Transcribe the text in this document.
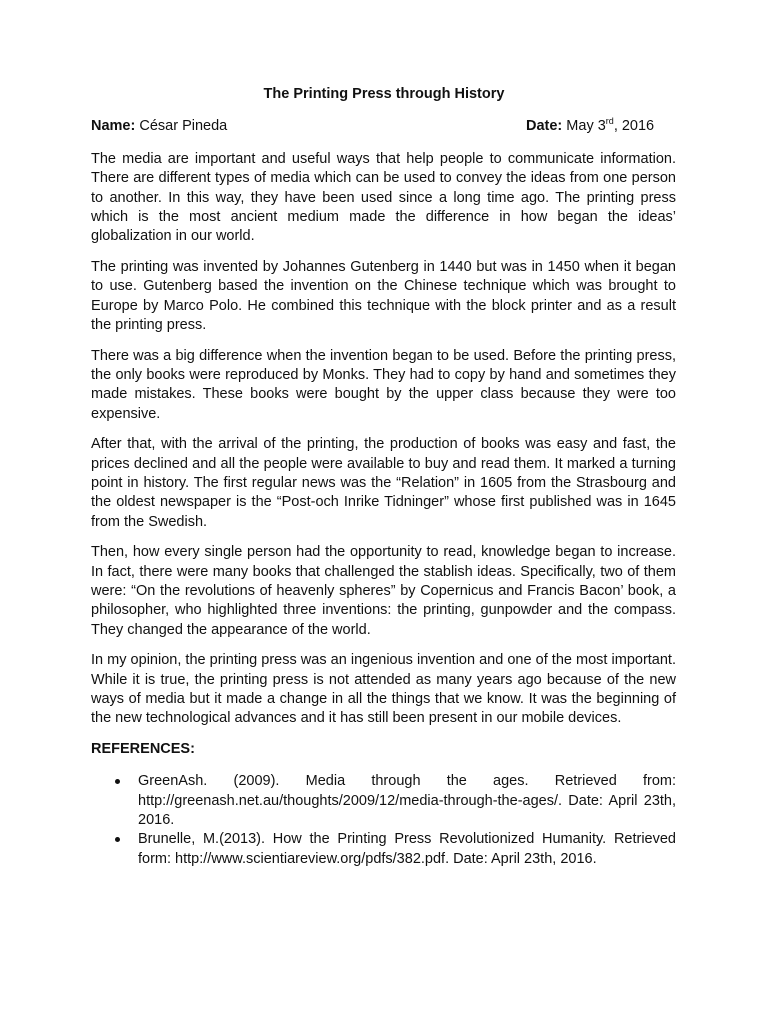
The Printing Press through History
Name: César Pineda	Date: May 3rd, 2016

The media are important and useful ways that help people to communicate information. There are different types of media which can be used to convey the ideas from one person to another. In this way, they have been used since a long time ago. The printing press which is the most ancient medium made the difference in how began the ideas’ globalization in our world.

The printing was invented by Johannes Gutenberg in 1440 but was in 1450 when it began to use. Gutenberg based the invention on the Chinese technique which was brought to Europe by Marco Polo. He combined this technique with the block printer and as a result the printing press.

There was a big difference when the invention began to be used. Before the printing press, the only books were reproduced by Monks. They had to copy by hand and sometimes they made mistakes. These books were bought by the upper class because they were too expensive.

After that, with the arrival of the printing, the production of books was easy and fast, the prices declined and all the people were available to buy and read them. It marked a turning point in history. The first regular news was the “Relation” in 1605 from the Strasbourg and the oldest newspaper is the “Post-och Inrike Tidninger” whose first published was in 1645 from the Swedish.

Then, how every single person had the opportunity to read, knowledge began to increase. In fact, there were many books that challenged the stablish ideas. Specifically, two of them were: “On the revolutions of heavenly spheres” by Copernicus and Francis Bacon’ book, a philosopher, who highlighted three inventions: the printing, gunpowder and the compass. They changed the appearance of the world.

In my opinion, the printing press was an ingenious invention and one of the most important. While it is true, the printing press is not attended as many years ago because of the new ways of media but it made a change in all the things that we know. It was the beginning of the new technological advances and it has still been present in our mobile devices.

REFERENCES:
GreenAsh. (2009). Media through the ages. Retrieved from: http://greenash.net.au/thoughts/2009/12/media-through-the-ages/. Date: April 23th, 2016.
Brunelle, M.(2013). How the Printing Press Revolutionized Humanity. Retrieved form: http://www.scientiareview.org/pdfs/382.pdf. Date: April 23th, 2016.
